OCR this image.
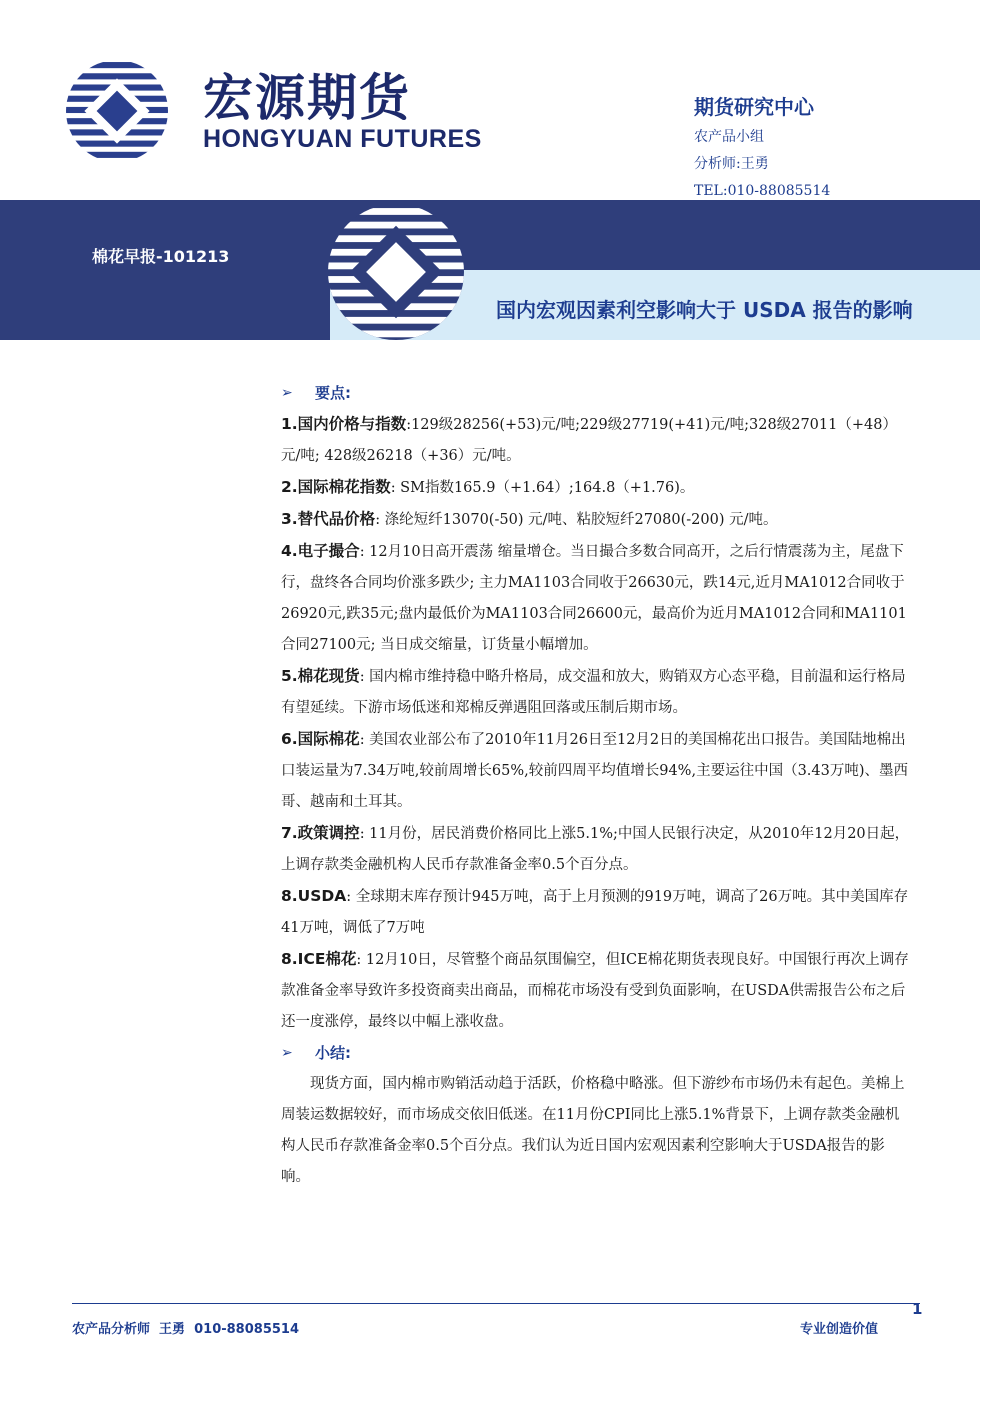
宏源期货
HONGYUAN FUTURES
期货研究中心
农产品小组
分析师:王勇
TEL:010-88085514
棉花早报-101213
国内宏观因素利空影响大于 USDA 报告的影响
➢	要点:

1.国内价格与指数:129级28256(+53)元/吨;229级27719(+41)元/吨;328级27011（+48）元/吨; 428级26218（+36）元/吨。

2.国际棉花指数: SM指数165.9（+1.64）;164.8（+1.76)。

3.替代品价格: 涤纶短纤13070(-50) 元/吨、粘胶短纤27080(-200) 元/吨。

4.电子撮合: 12月10日高开震荡 缩量增仓。当日撮合多数合同高开，之后行情震荡为主，尾盘下行，盘终各合同均价涨多跌少; 主力MA1103合同收于26630元，跌14元,近月MA1012合同收于26920元,跌35元;盘内最低价为MA1103合同26600元，最高价为近月MA1012合同和MA1101合同27100元; 当日成交缩量，订货量小幅增加。

5.棉花现货: 国内棉市维持稳中略升格局，成交温和放大，购销双方心态平稳，目前温和运行格局有望延续。下游市场低迷和郑棉反弹遇阻回落或压制后期市场。

6.国际棉花: 美国农业部公布了2010年11月26日至12月2日的美国棉花出口报告。美国陆地棉出口装运量为7.34万吨,较前周增长65%,较前四周平均值增长94%,主要运往中国（3.43万吨)、墨西哥、越南和土耳其。

7.政策调控: 11月份，居民消费价格同比上涨5.1%;中国人民银行决定，从2010年12月20日起，上调存款类金融机构人民币存款准备金率0.5个百分点。

8.USDA: 全球期末库存预计945万吨，高于上月预测的919万吨，调高了26万吨。其中美国库存41万吨，调低了7万吨

8.ICE棉花: 12月10日，尽管整个商品氛围偏空，但ICE棉花期货表现良好。中国银行再次上调存款准备金率导致许多投资商卖出商品，而棉花市场没有受到负面影响，在USDA供需报告公布之后还一度涨停，最终以中幅上涨收盘。

➢	小结:

现货方面，国内棉市购销活动趋于活跃，价格稳中略涨。但下游纱布市场仍未有起色。美棉上周装运数据较好，而市场成交依旧低迷。在11月份CPI同比上涨5.1%背景下，上调存款类金融机构人民币存款准备金率0.5个百分点。我们认为近日国内宏观因素利空影响大于USDA报告的影响。

1
农产品分析师  王勇  010-88085514	专业创造价值
